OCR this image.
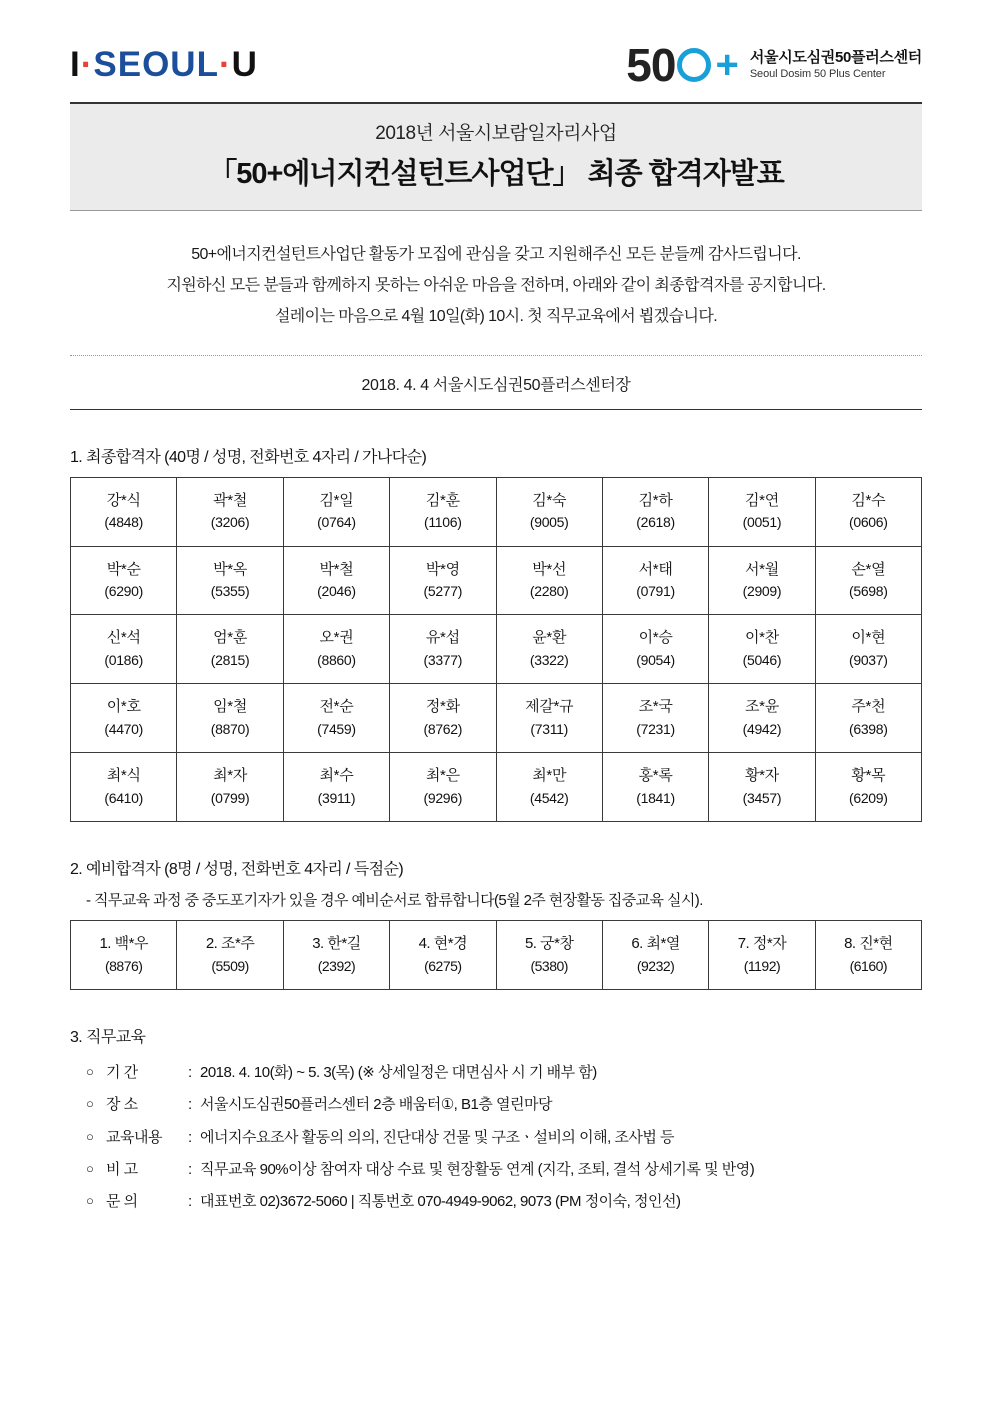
I·SEOUL·U	50 + 서울시도심권50플러스센터
Seoul Dosim 50 Plus Center
2018년 서울시보람일자리사업
「50+에너지컨설턴트사업단」 최종 합격자발표
50+에너지컨설턴트사업단 활동가 모집에 관심을 갖고 지원해주신 모든 분들께 감사드립니다.
지원하신 모든 분들과 함께하지 못하는 아쉬운 마음을 전하며, 아래와 같이 최종합격자를 공지합니다.
설레이는 마음으로 4월 10일(화) 10시. 첫 직무교육에서 뵙겠습니다.
2018. 4. 4 서울시도심권50플러스센터장
1. 최종합격자 (40명 / 성명, 전화번호 4자리 / 가나다순)
강*식
(4848)	곽*철
(3206)	김*일
(0764)	김*훈
(1106)	김*숙
(9005)	김*하
(2618)	김*연
(0051)	김*수
(0606)

박*순
(6290)	박*옥
(5355)	박*철
(2046)	박*영
(5277)	박*선
(2280)	서*태
(0791)	서*월
(2909)	손*열
(5698)

신*석
(0186)	엄*훈
(2815)	오*권
(8860)	유*섭
(3377)	윤*환
(3322)	이*승
(9054)	이*찬
(5046)	이*현
(9037)

이*호
(4470)	임*철
(8870)	전*순
(7459)	정*화
(8762)	제갈*규
(7311)	조*국
(7231)	조*윤
(4942)	주*천
(6398)

최*식
(6410)	최*자
(0799)	최*수
(3911)	최*은
(9296)	최*만
(4542)	홍*록
(1841)	황*자
(3457)	황*목
(6209)
2. 예비합격자 (8명 / 성명, 전화번호 4자리 / 득점순)
- 직무교육 과정 중 중도포기자가 있을 경우 예비순서로 합류합니다(5월 2주 현장활동 집중교육 실시).
1. 백*우
(8876)
	2. 조*주
(5509)
	3. 한*길
(2392)
	4. 현*경
(6275)
	5. 궁*창
(5380)
	6. 최*열
(9232)
	7. 정*자
(1192)
	8. 진*현
(6160)
3. 직무교육
○ 기 간	: 2018. 4. 10(화) ~ 5. 3(목) (※ 상세일정은 대면심사 시 기 배부 함)
○ 장 소	: 서울시도심권50플러스센터 2층 배움터①, B1층 열린마당
○ 교육내용	: 에너지수요조사 활동의 의의, 진단대상 건물 및 구조ㆍ설비의 이해, 조사법 등
○ 비 고	: 직무교육 90%이상 참여자 대상 수료 및 현장활동 연계 (지각, 조퇴, 결석 상세기록 및 반영)
○ 문 의	: 대표번호 02)3672-5060 | 직통번호 070-4949-9062, 9073 (PM 정이숙, 정인선)
